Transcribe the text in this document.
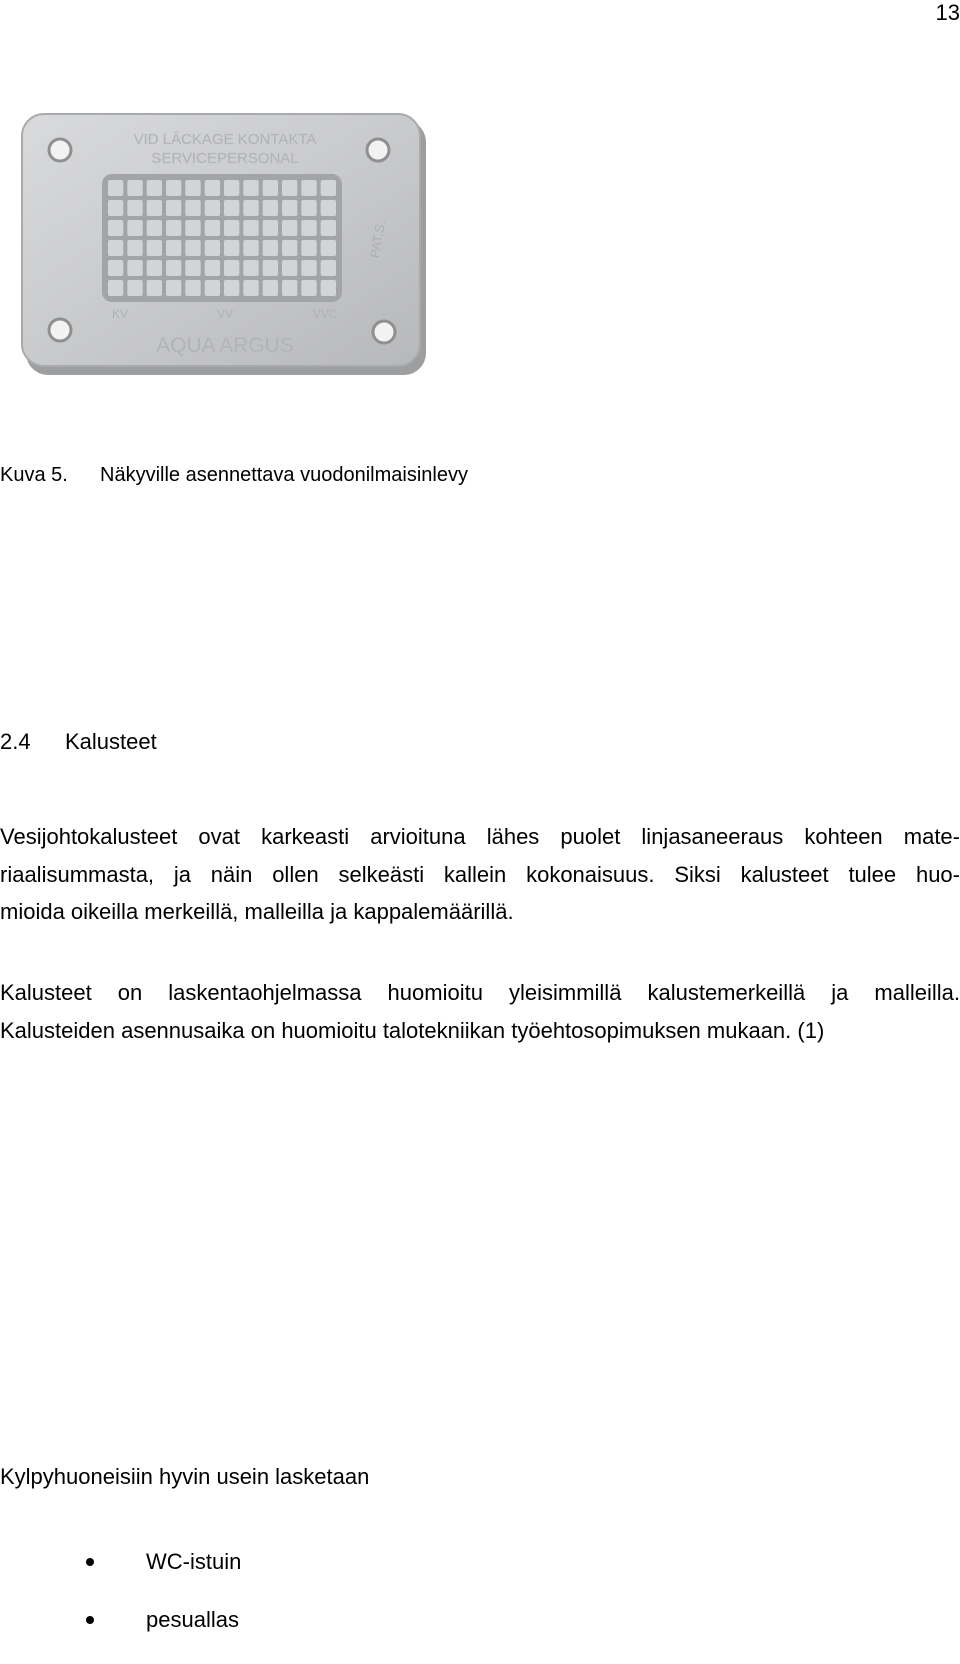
13
VID LÄCKAGE KONTAKTA
SERVICEPERSONAL
PAT.S.
KV	VV	VVC
AQUA ARGUS
Kuva 5. Näkyville asennettava vuodonilmaisinlevy
2.4 Kalusteet

Vesijohtokalusteet ovat karkeasti arvioituna lähes puolet linjasaneeraus kohteen mate-
riaalisummasta, ja näin ollen selkeästi kallein kokonaisuus. Siksi kalusteet tulee huo-
mioida oikeilla merkeillä, malleilla ja kappalemäärillä.

Kalusteet on laskentaohjelmassa huomioitu yleisimmillä kalustemerkeillä ja malleilla.
Kalusteiden asennusaika on huomioitu talotekniikan työehtosopimuksen mukaan. (1)

Kylpyhuoneisiin hyvin usein lasketaan
WC-istuin
pesuallas
